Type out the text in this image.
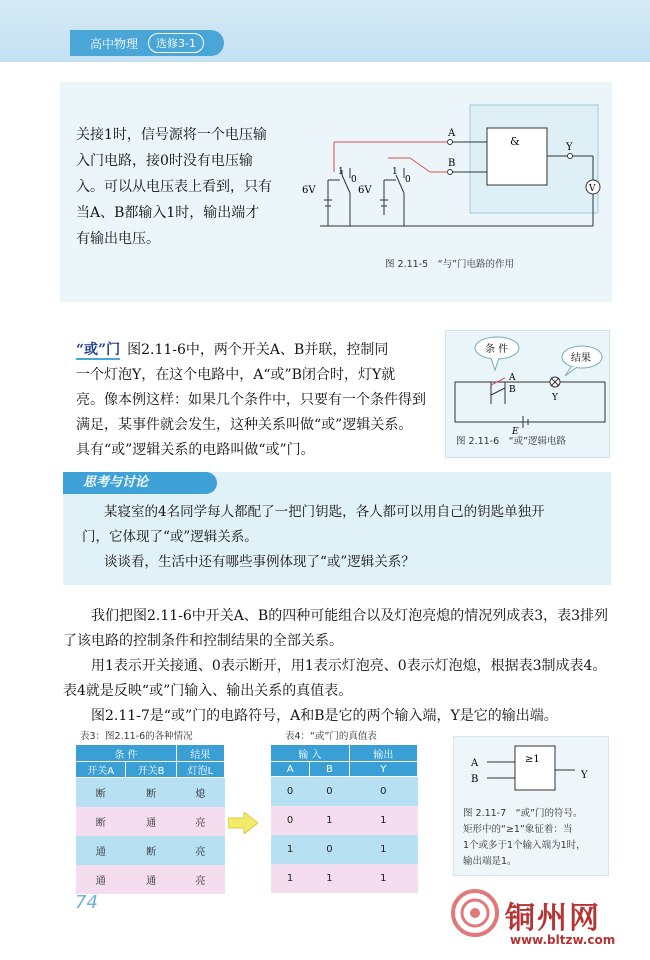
高中物理	选修3-1
关接1时，信号源将一个电压输
入门电路，接0时没有电压输
入。可以从电压表上看到，只有
当A、B都输入1时，输出端才
有输出电压。
A
B
&	Y
V
6V	6V
1
0
1
0
图 2.11-5　“与”门电路的作用
“或”门  图2.11-6中，两个开关A、B并联，控制同
一个灯泡Y，在这个电路中，A“或”B闭合时，灯Y就
亮。像本例这样：如果几个条件中，只要有一个条件得到
满足，某事件就会发生，这种关系叫做“或”逻辑关系。
具有“或”逻辑关系的电路叫做“或”门。
条 件
结果
A
B
Y
E
图 2.11-6　“或”逻辑电路
思考与讨论
某寝室的4名同学每人都配了一把门钥匙，各人都可以用自己的钥匙单独开
门，它体现了“或”逻辑关系。
谈谈看，生活中还有哪些事例体现了“或”逻辑关系？
我们把图2.11-6中开关A、B的四种可能组合以及灯泡亮熄的情况列成表3，表3排列
了该电路的控制条件和控制结果的全部关系。
用1表示开关接通、0表示断开，用1表示灯泡亮、0表示灯泡熄，根据表3制成表4。
表4就是反映“或”门输入、输出关系的真值表。
图2.11-7是“或”门的电路符号，A和B是它的两个输入端，Y是它的输出端。
表3：图2.11-6的各种情况
条 件		结果
开关A	开关B	灯泡L
断	断	熄
断	通	亮
通	断	亮
通	通	亮
表4：“或”门的真值表
输 入		输出
A	B	Y
0	0	0
0	1	1
1	0	1
1	1	1
A
B	Y
≥1
图 2.11-7　“或”门的符号。
矩形中的“≥1”象征着：当
1个或多于1个输入端为1时，
输出端是1。
74	铜州网
www.bltzw.com
